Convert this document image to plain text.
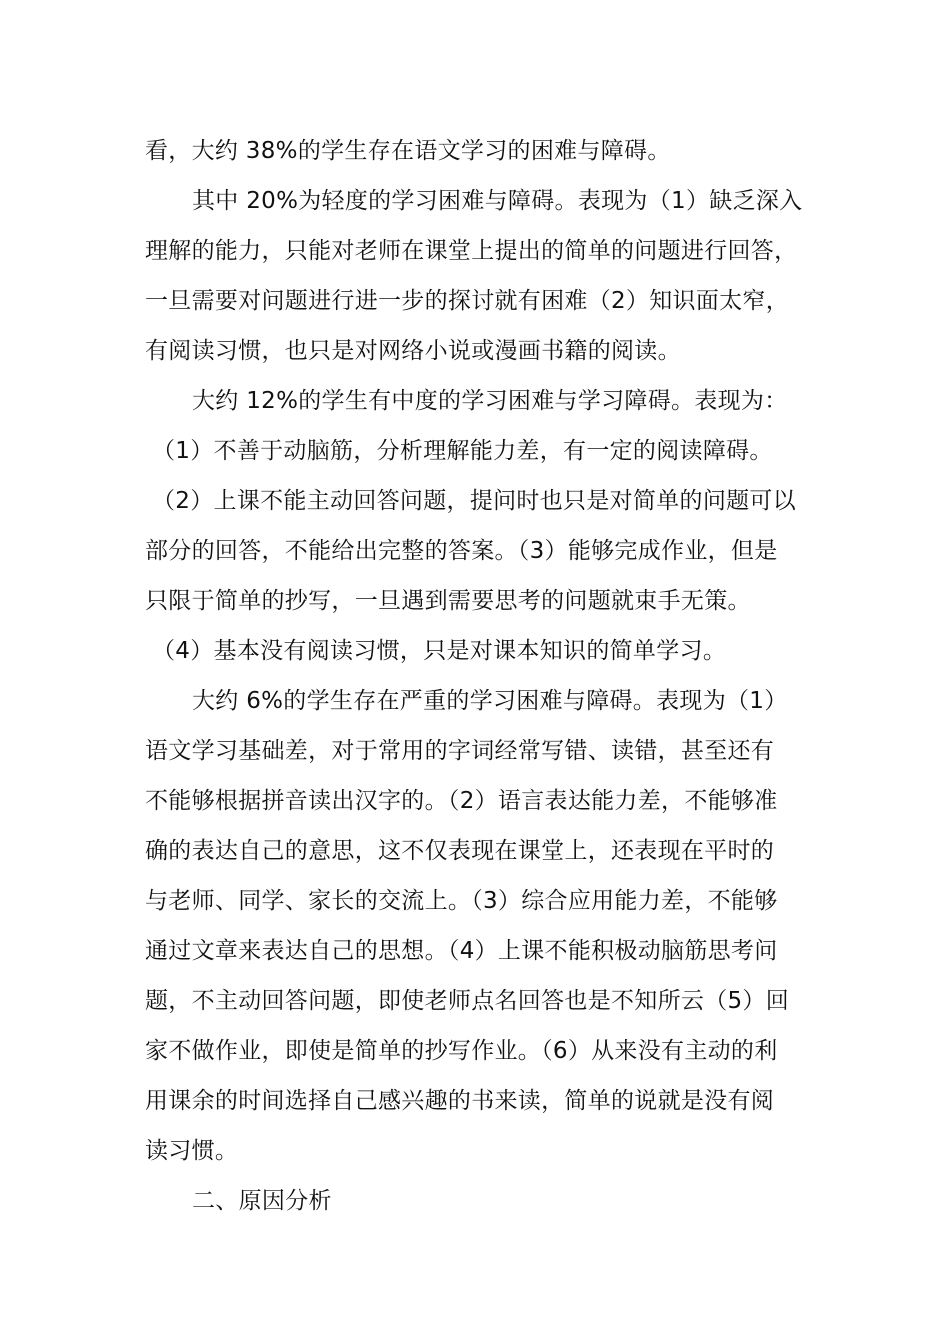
看，大约 38%的学生存在语文学习的困难与障碍。
其中 20%为轻度的学习困难与障碍。表现为（1）缺乏深入
理解的能力，只能对老师在课堂上提出的简单的问题进行回答，
一旦需要对问题进行进一步的探讨就有困难（2）知识面太窄，
有阅读习惯，也只是对网络小说或漫画书籍的阅读。
大约 12%的学生有中度的学习困难与学习障碍。表现为：
（1）不善于动脑筋，分析理解能力差，有一定的阅读障碍。
（2）上课不能主动回答问题，提问时也只是对简单的问题可以
部分的回答，不能给出完整的答案。（3）能够完成作业，但是
只限于简单的抄写，一旦遇到需要思考的问题就束手无策。
（4）基本没有阅读习惯，只是对课本知识的简单学习。
大约 6%的学生存在严重的学习困难与障碍。表现为（1）
语文学习基础差，对于常用的字词经常写错、读错，甚至还有
不能够根据拼音读出汉字的。（2）语言表达能力差，不能够准
确的表达自己的意思，这不仅表现在课堂上，还表现在平时的
与老师、同学、家长的交流上。（3）综合应用能力差，不能够
通过文章来表达自己的思想。（4）上课不能积极动脑筋思考问
题，不主动回答问题，即使老师点名回答也是不知所云（5）回
家不做作业，即使是简单的抄写作业。（6）从来没有主动的利
用课余的时间选择自己感兴趣的书来读，简单的说就是没有阅
读习惯。
二、原因分析
